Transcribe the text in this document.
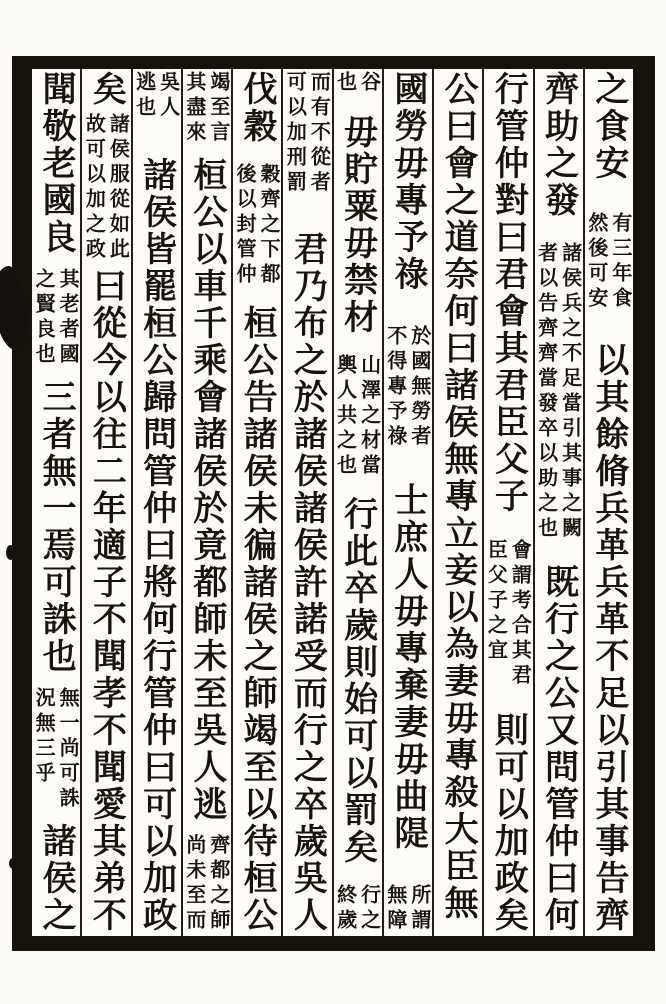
之食安
有三年食
然後可安
以其餘脩兵革兵革不足以引其事告齊
齊助之發
諸侯兵之不足當引其事之闕
者以告齊齊當發卒以助之也
既行之公又問管仲曰何
行管仲對曰君會其君臣父子
會謂考合其君
臣父子之宜
則可以加政矣
公曰會之道奈何曰諸侯無專立妾以為妻毋專殺大臣無
國勞毋專予祿
於國無勞者
不得專予祿
士庶人毋專棄妻毋曲隄
所謂
無障
谷
也
毋貯粟毋禁材
山澤之材當
輿人共之也
行此卒歲則始可以罰矣
行之
終歲
而有不從者
可以加刑罰
君乃布之於諸侯諸侯許諾受而行之卒歲吳人
伐穀
穀齊之下都
後以封管仲
桓公告諸侯未徧諸侯之師竭至以待桓公
竭至言
其盡來
桓公以車千乘會諸侯於竟都師未至吳人逃
齊都之師
尚未至而
吳人
逃也
諸侯皆罷桓公歸問管仲曰將何行管仲曰可以加政
矣
諸侯服從如此
故可以加之政
曰從今以往二年適子不聞孝不聞愛其弟不
聞敬老國良
其老者國
之賢良也
三者無一焉可誅也
無一尚可誅
況無三乎
諸侯之
